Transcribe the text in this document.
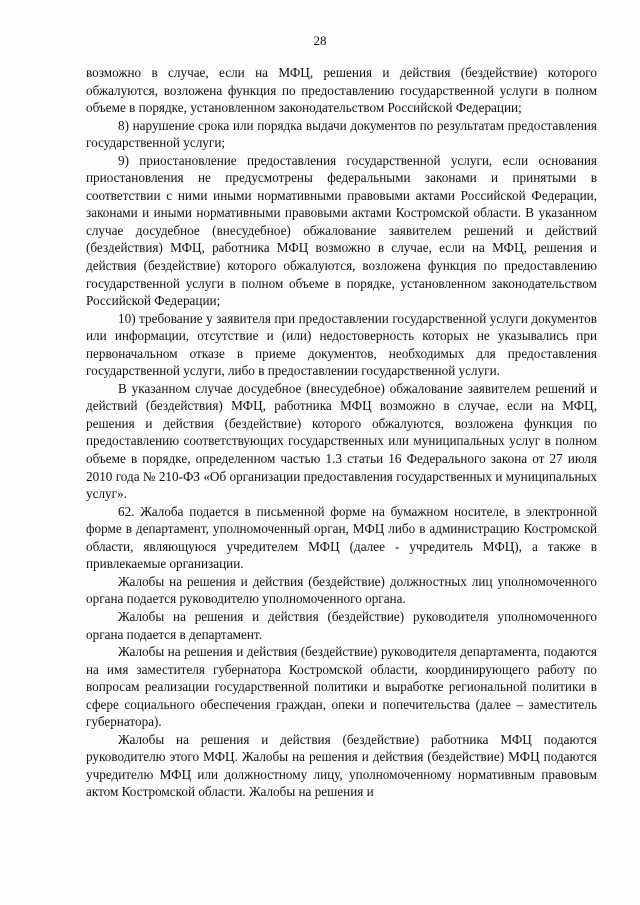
28

возможно в случае, если на МФЦ, решения и действия (бездействие) которого обжалуются, возложена функция по предоставлению государственной услуги в полном объеме в порядке, установленном законодательством Российской Федерации;

8) нарушение срока или порядка выдачи документов по результатам предоставления государственной услуги;

9) приостановление предоставления государственной услуги, если основания приостановления не предусмотрены федеральными законами и принятыми в соответствии с ними иными нормативными правовыми актами Российской Федерации, законами и иными нормативными правовыми актами Костромской области. В указанном случае досудебное (внесудебное) обжалование заявителем решений и действий (бездействия) МФЦ, работника МФЦ возможно в случае, если на МФЦ, решения и действия (бездействие) которого обжалуются, возложена функция по предоставлению государственной услуги в полном объеме в порядке, установленном законодательством Российской Федерации;

10) требование у заявителя при предоставлении государственной услуги документов или информации, отсутствие и (или) недостоверность которых не указывались при первоначальном отказе в приеме документов, необходимых для предоставления государственной услуги, либо в предоставлении государственной услуги.

В указанном случае досудебное (внесудебное) обжалование заявителем решений и действий (бездействия) МФЦ, работника МФЦ возможно в случае, если на МФЦ, решения и действия (бездействие) которого обжалуются, возложена функция по предоставлению соответствующих государственных или муниципальных услуг в полном объеме в порядке, определенном частью 1.3 статьи 16 Федерального закона от 27 июля 2010 года № 210-ФЗ «Об организации предоставления государственных и муниципальных услуг».

62. Жалоба подается в письменной форме на бумажном носителе, в электронной форме в департамент, уполномоченный орган, МФЦ либо в администрацию Костромской области, являющуюся учредителем МФЦ (далее - учредитель МФЦ), а также в привлекаемые организации.

Жалобы на решения и действия (бездействие) должностных лиц уполномоченного органа подается руководителю уполномоченного органа.

Жалобы на решения и действия (бездействие) руководителя уполномоченного органа подается в департамент.

Жалобы на решения и действия (бездействие) руководителя департамента, подаются на имя заместителя губернатора Костромской области, координирующего работу по вопросам реализации государственной политики и выработке региональной политики в сфере социального обеспечения граждан, опеки и попечительства (далее – заместитель губернатора).

Жалобы на решения и действия (бездействие) работника МФЦ подаются руководителю этого МФЦ. Жалобы на решения и действия (бездействие) МФЦ подаются учредителю МФЦ или должностному лицу, уполномоченному нормативным правовым актом Костромской области. Жалобы на решения и
